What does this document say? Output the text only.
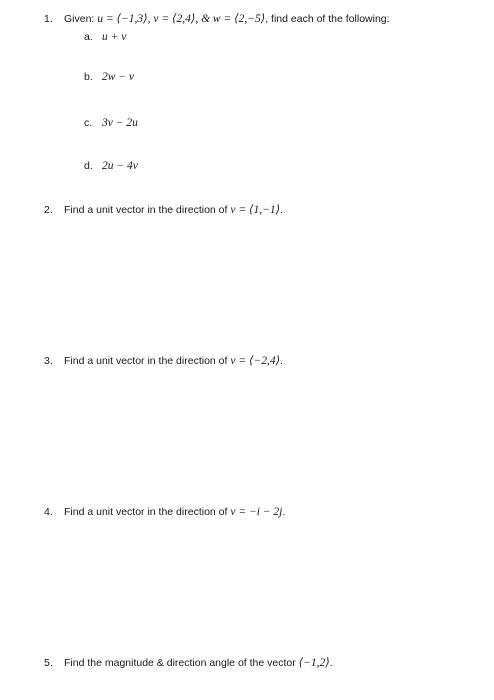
1. Given: u = ⟨−1,3⟩, v = ⟨2,4⟩, & w = ⟨2,−5⟩, find each of the following:
a. u + v
b. 2w − v
c. 3v − 2u
d. 2u − 4v
2. Find a unit vector in the direction of v = ⟨1,−1⟩.
3. Find a unit vector in the direction of v = ⟨−2,4⟩.
4. Find a unit vector in the direction of v = −i − 2j.
5. Find the magnitude & direction angle of the vector ⟨−1,2⟩.
